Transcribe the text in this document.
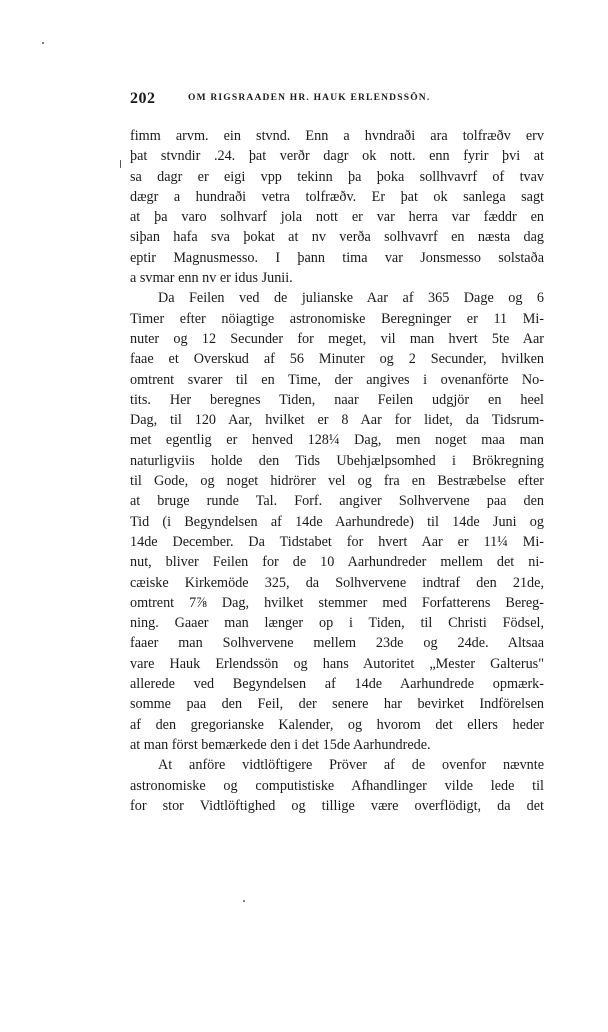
202	OM RIGSRAADEN HR. HAUK ERLENDSSÖN.
fimm arvm. ein stvnd. Enn a hvndraði ara tolfræðv erv
þat stvndir .24. þat verðr dagr ok nott. enn fyrir þvi at
sa dagr er eigi vpp tekinn þa þoka sollhvavrf of tvav
dægr a hundraði vetra tolfræðv. Er þat ok sanlega sagt
at þa varo solhvarf jola nott er var herra var fæddr en
siþan hafa sva þokat at nv verða solhvavrf en næsta dag
eptir Magnusmesso. I þann tima var Jonsmesso solstaða
a svmar enn nv er idus Junii.
Da Feilen ved de julianske Aar af 365 Dage og 6
Timer efter nöiagtige astronomiske Beregninger er 11 Mi-
nuter og 12 Secunder for meget, vil man hvert 5te Aar
faae et Overskud af 56 Minuter og 2 Secunder, hvilken
omtrent svarer til en Time, der angives i ovenanförte No-
tits. Her beregnes Tiden, naar Feilen udgjör en heel
Dag, til 120 Aar, hvilket er 8 Aar for lidet, da Tidsrum-
met egentlig er henved 128¼ Dag, men noget maa man
naturligviis holde den Tids Ubehjælpsomhed i Brökregning
til Gode, og noget hidrörer vel og fra en Bestræbelse efter
at bruge runde Tal. Forf. angiver Solhvervene paa den
Tid (i Begyndelsen af 14de Aarhundrede) til 14de Juni og
14de December. Da Tidstabet for hvert Aar er 11¼ Mi-
nut, bliver Feilen for de 10 Aarhundreder mellem det ni-
cæiske Kirkemöde 325, da Solhvervene indtraf den 21de,
omtrent 7⅞ Dag, hvilket stemmer med Forfatterens Bereg-
ning. Gaaer man længer op i Tiden, til Christi Födsel,
faaer man Solhvervene mellem 23de og 24de. Altsaa
vare Hauk Erlendssön og hans Autoritet „Mester Galterus"
allerede ved Begyndelsen af 14de Aarhundrede opmærk-
somme paa den Feil, der senere har bevirket Indförelsen
af den gregorianske Kalender, og hvorom det ellers heder
at man först bemærkede den i det 15de Aarhundrede.
At anföre vidtlöftigere Pröver af de ovenfor nævnte
astronomiske og computistiske Afhandlinger vilde lede til
for stor Vidtlöftighed og tillige være overflödigt, da det
